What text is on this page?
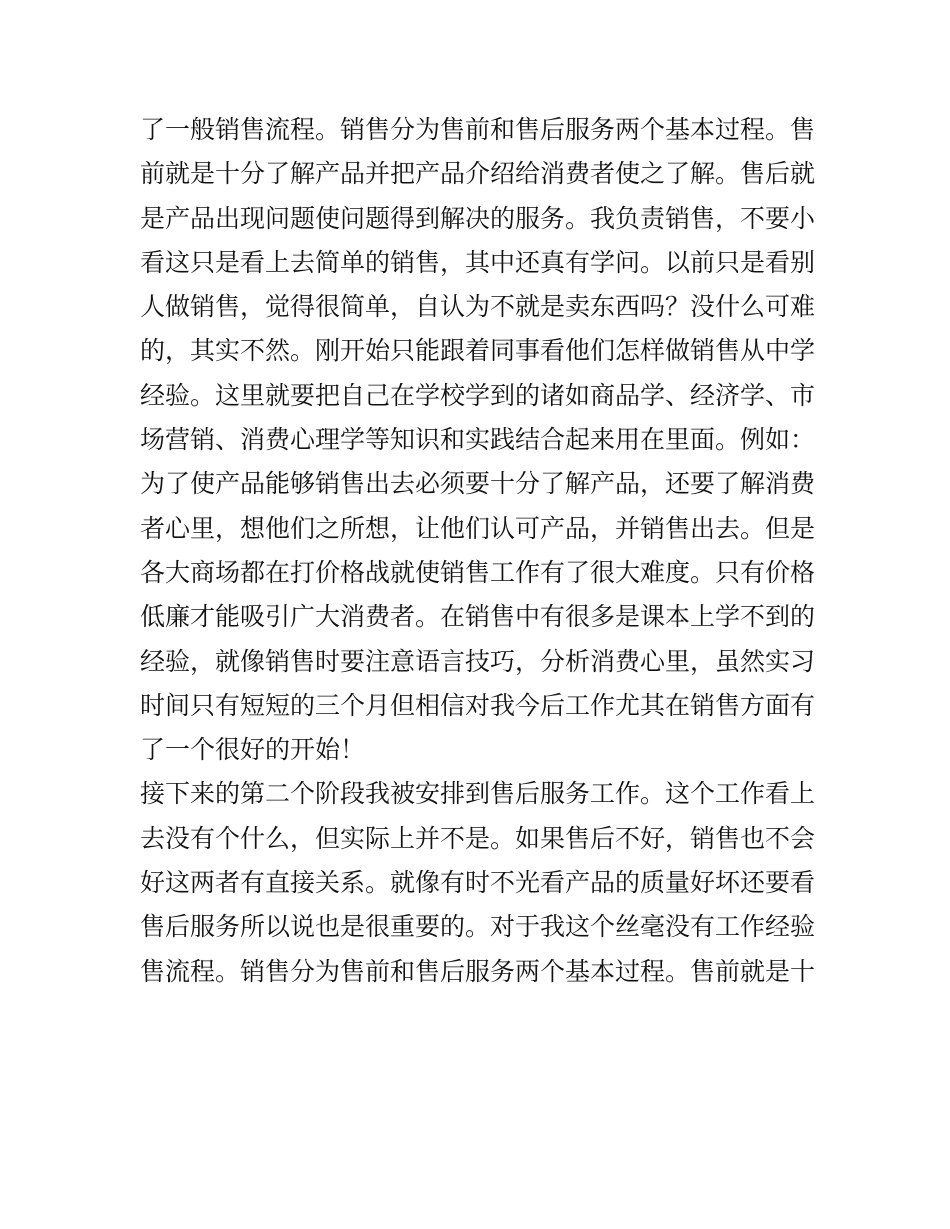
了一般销售流程。销售分为售前和售后服务两个基本过程。售
前就是十分了解产品并把产品介绍给消费者使之了解。售后就
是产品出现问题使问题得到解决的服务。我负责销售，不要小
看这只是看上去简单的销售，其中还真有学问。以前只是看别
人做销售，觉得很简单，自认为不就是卖东西吗？没什么可难
的，其实不然。刚开始只能跟着同事看他们怎样做销售从中学
经验。这里就要把自己在学校学到的诸如商品学、经济学、市
场营销、消费心理学等知识和实践结合起来用在里面。例如：
为了使产品能够销售出去必须要十分了解产品，还要了解消费
者心里，想他们之所想，让他们认可产品，并销售出去。但是
各大商场都在打价格战就使销售工作有了很大难度。只有价格
低廉才能吸引广大消费者。在销售中有很多是课本上学不到的
经验，就像销售时要注意语言技巧，分析消费心里，虽然实习
时间只有短短的三个月但相信对我今后工作尤其在销售方面有
了一个很好的开始！
接下来的第二个阶段我被安排到售后服务工作。这个工作看上
去没有个什么，但实际上并不是。如果售后不好，销售也不会
好这两者有直接关系。就像有时不光看产品的质量好坏还要看
售后服务所以说也是很重要的。对于我这个丝毫没有工作经验
售流程。销售分为售前和售后服务两个基本过程。售前就是十
